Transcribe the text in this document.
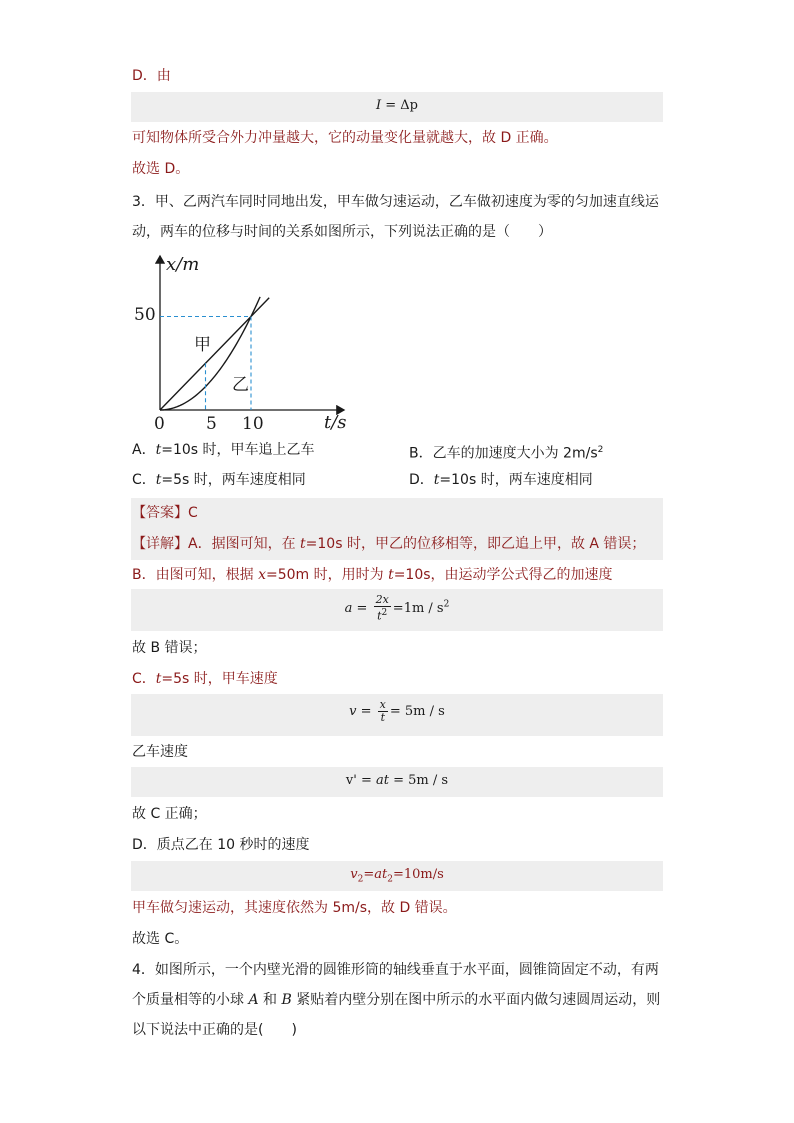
D．由
I = Δp
可知物体所受合外力冲量越大，它的动量变化量就越大，故 D 正确。
故选 D。
3．甲、乙两汽车同时同地出发，甲车做匀速运动，乙车做初速度为零的匀加速直线运
动，两车的位移与时间的关系如图所示，下列说法正确的是（　　）
x/m
t/s
甲
乙
50
0 5 10
A．t=10s 时，甲车追上乙车	B．乙车的加速度大小为 $2m/s^2$
C．t=5s 时，两车速度相同	D．t=10s 时，两车速度相同
【答案】C
【详解】A．据图可知，在 t=10s 时，甲乙的位移相等，即乙追上甲，故 A 错误；
B．由图可知，根据 x=50m 时，用时为 t=10s，由运动学公式得乙的加速度
$a = \frac{2x}{t^2} =1m / s^2$
故 B 错误；
C．t=5s 时，甲车速度
$v = \frac{x}{t} = 5m / s$
乙车速度
v' = at = 5m / s
故 C 正确；
D．质点乙在 10 秒时的速度
$v_2=at_2=10m/s$
甲车做匀速运动，其速度依然为 5m/s，故 D 错误。
故选 C。
4．如图所示，一个内壁光滑的圆锥形筒的轴线垂直于水平面，圆锥筒固定不动，有两
个质量相等的小球 A 和 B 紧贴着内壁分别在图中所示的水平面内做匀速圆周运动，则
以下说法中正确的是(　　)
